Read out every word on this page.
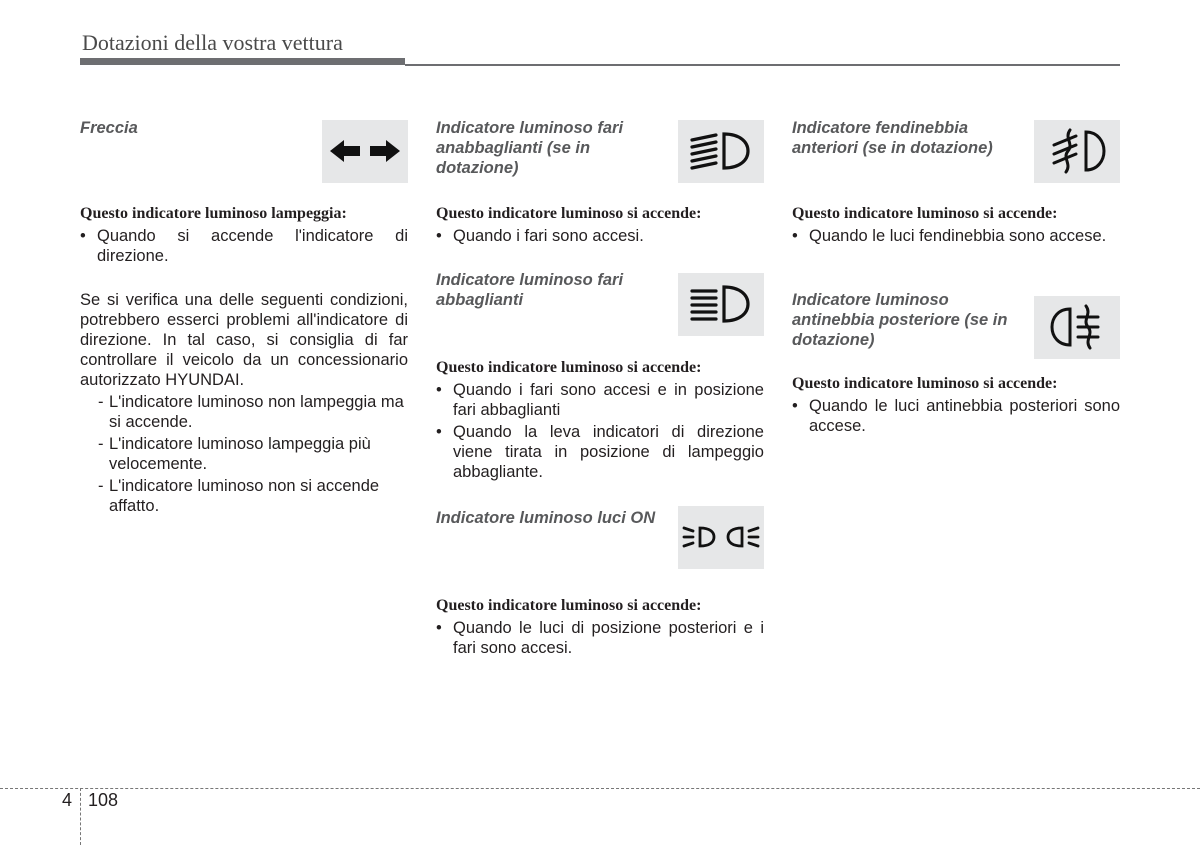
Dotazioni della vostra vettura
Freccia
Questo indicatore luminoso lampeggia:
• Quando si accende l'indicatore di direzione.
Se si verifica una delle seguenti condizioni, potrebbero esserci problemi all'indicatore di direzione. In tal caso, si consiglia di far controllare il veicolo da un concessionario autorizzato HYUNDAI.
- L'indicatore luminoso non lampeggia ma si accende.
- L'indicatore luminoso lampeggia più velocemente.
- L'indicatore luminoso non si accende affatto.
Indicatore luminoso fari anabbaglianti (se in dotazione)
Questo indicatore luminoso si accende:
• Quando i fari sono accesi.
Indicatore luminoso fari abbaglianti
Questo indicatore luminoso si accende:
• Quando i fari sono accesi e in posizione fari abbaglianti
• Quando la leva indicatori di direzione viene tirata in posizione di lampeggio abbagliante.
Indicatore luminoso luci ON
Questo indicatore luminoso si accende:
• Quando le luci di posizione posteriori e i fari sono accesi.
Indicatore fendinebbia anteriori (se in dotazione)
Questo indicatore luminoso si accende:
• Quando le luci fendinebbia sono accese.
Indicatore luminoso antinebbia posteriore (se in dotazione)
Questo indicatore luminoso si accende:
• Quando le luci antinebbia posteriori sono accese.
4 108
